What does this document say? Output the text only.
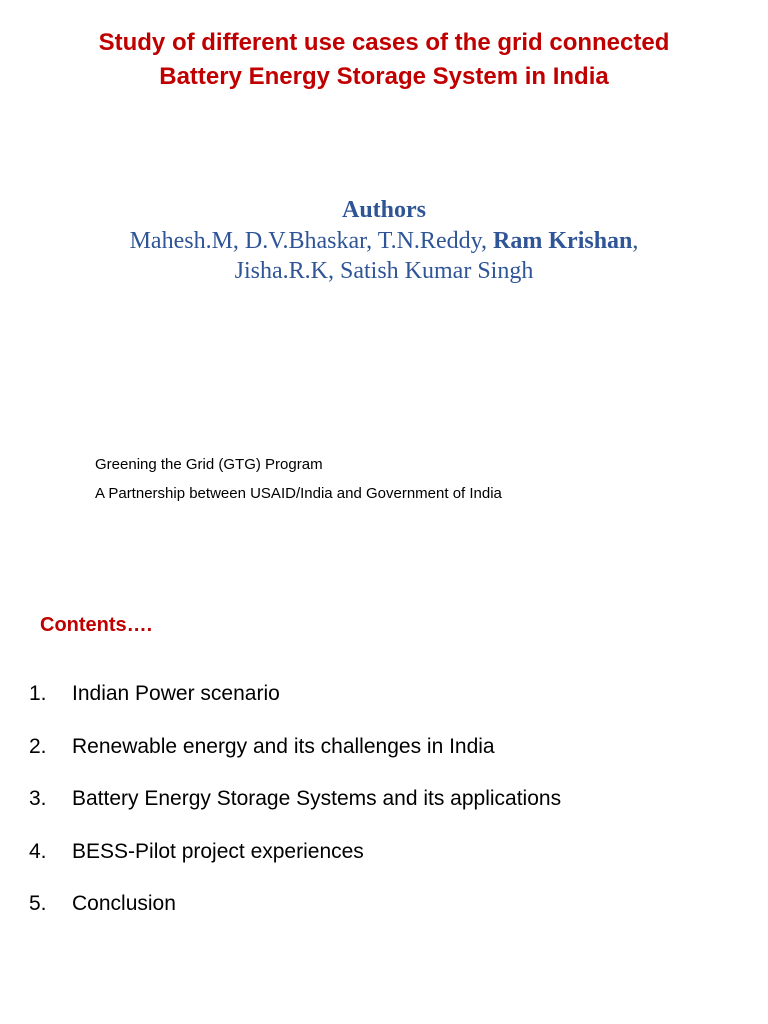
Study of different use cases of the grid connected
Battery Energy Storage System in India
Authors
Mahesh.M, D.V.Bhaskar, T.N.Reddy, Ram Krishan,
Jisha.R.K, Satish Kumar Singh
Greening the Grid (GTG) Program
A Partnership between USAID/India and Government of India
Contents….
1. Indian Power scenario
2. Renewable energy and its challenges in India
3. Battery Energy Storage Systems and its applications
4. BESS-Pilot project experiences
5. Conclusion
